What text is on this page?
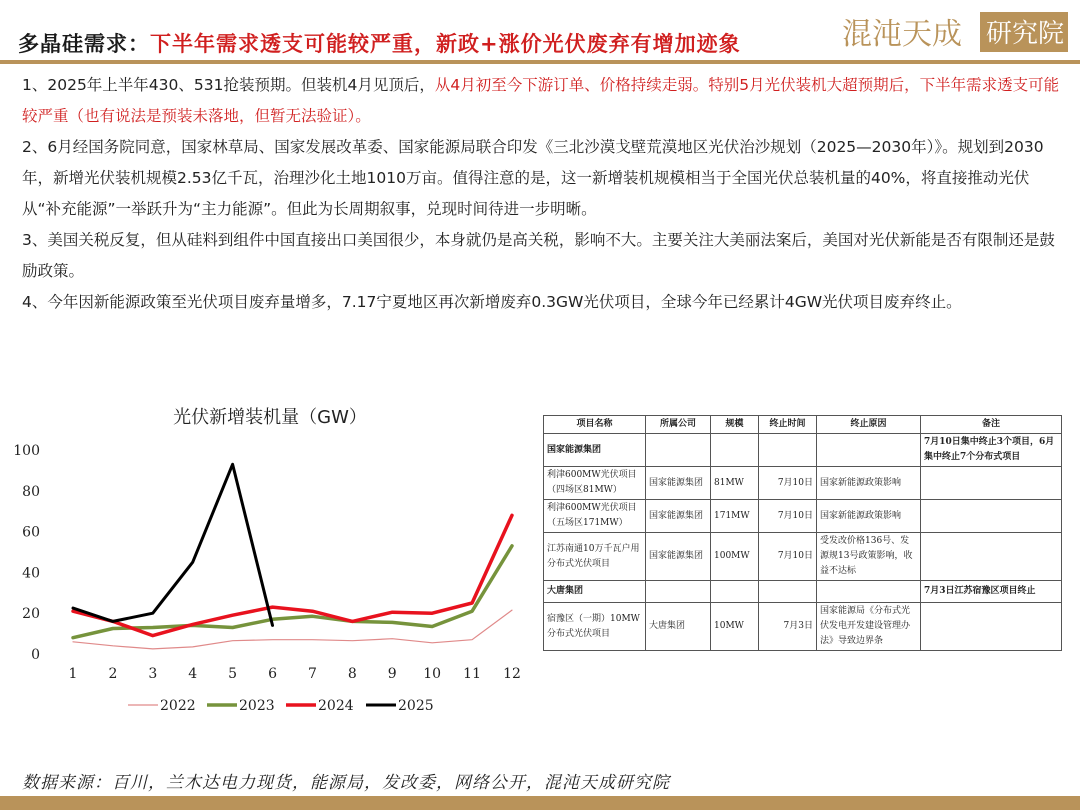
多晶硅需求：下半年需求透支可能较严重，新政+涨价光伏废弃有增加迹象	混沌天成 研究院

1、2025年上半年430、531抢装预期。但装机4月见顶后，从4月初至今下游订单、价格持续走弱。特别5月光伏装机大超预期后，下半年需求透支可能较严重（也有说法是预装未落地，但暂无法验证）。

2、6月经国务院同意，国家林草局、国家发展改革委、国家能源局联合印发《三北沙漠戈壁荒漠地区光伏治沙规划（2025—2030年）》。规划到2030年，新增光伏装机规模2.53亿千瓦，治理沙化土地1010万亩。值得注意的是，这一新增装机规模相当于全国光伏总装机量的40%，将直接推动光伏从“补充能源”一举跃升为“主力能源”。但此为长周期叙事，兑现时间待进一步明晰。

3、美国关税反复，但从硅料到组件中国直接出口美国很少，本身就仍是高关税，影响不大。主要关注大美丽法案后，美国对光伏新能是否有限制还是鼓励政策。

4、今年因新能源政策至光伏项目废弃量增多，7.17宁夏地区再次新增废弃0.3GW光伏项目，全球今年已经累计4GW光伏项目废弃终止。

光伏新增装机量（GW）
0
20
40
60
80
100
1 2 3 4 5 6 7 8 9 10 11 12
2022	2023	2024	2025
项目名称	所属公司	规模	终止时间	终止原因	备注
国家能源集团					7月10日集中终止3个项目，6月集中终止7个分布式项目
利津600MW光伏项目（四场区81MW）	国家能源集团	81MW	7月10日	国家新能源政策影响	
利津600MW光伏项目（五场区171MW）	国家能源集团	171MW	7月10日	国家新能源政策影响	
江苏南通10万千瓦户用分布式光伏项目	国家能源集团	100MW	7月10日	受发改价格136号、发源规13号政策影响，收益不达标	
大唐集团					7月3日江苏宿豫区项目终止
宿豫区（一期）10MW分布式光伏项目	大唐集团	10MW	7月3日	国家能源局《分布式光伏发电开发建设管理办法》导致边界条	
数据来源：百川，兰木达电力现货，能源局，发改委，网络公开，混沌天成研究院
